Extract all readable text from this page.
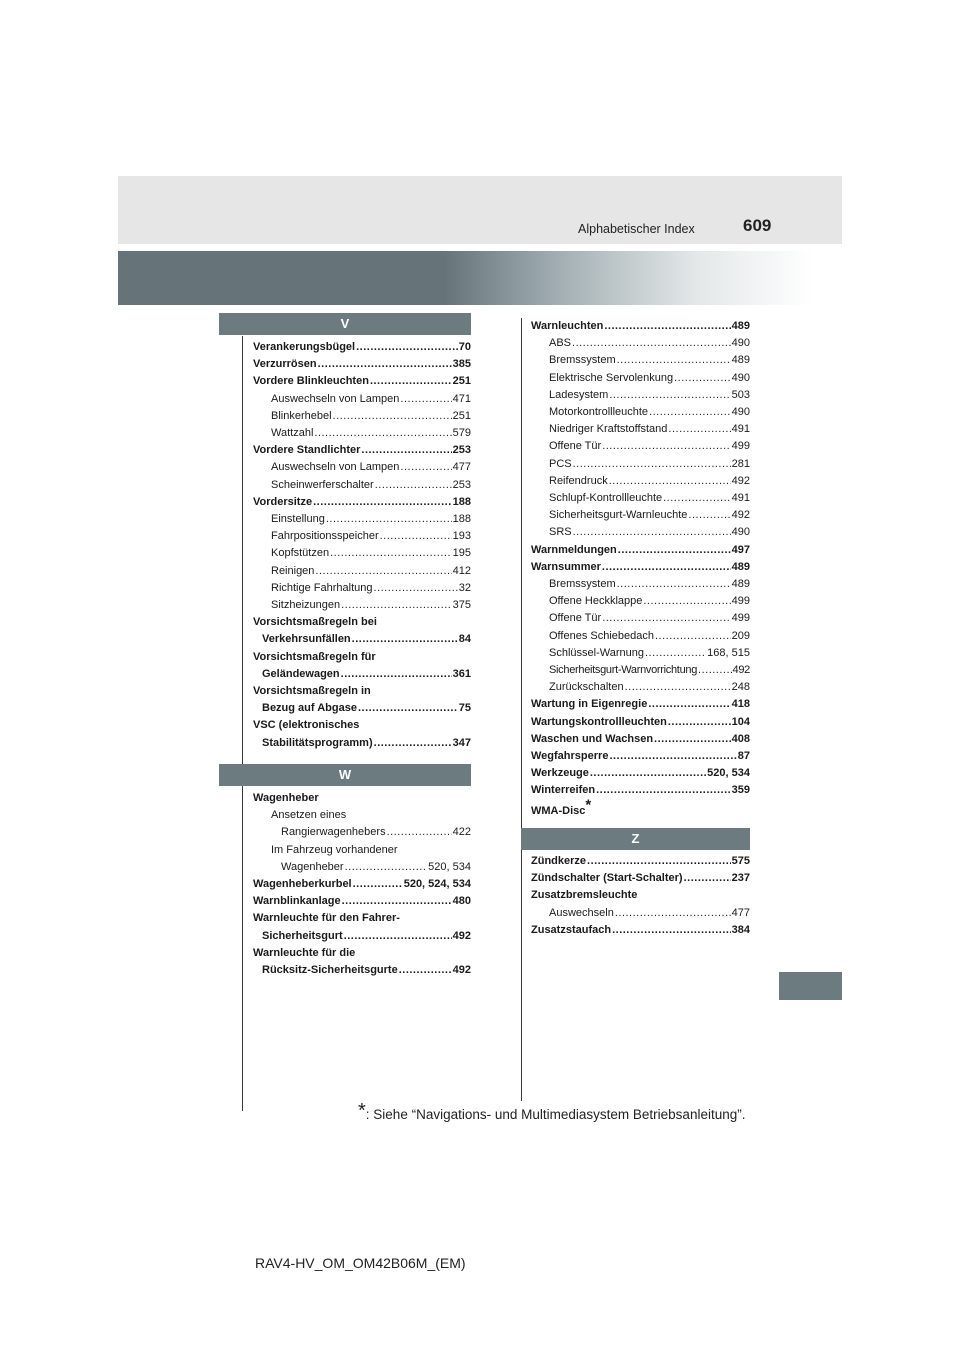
Alphabetischer Index	609
V
Verankerungsbügel .....	70
Verzurrösen .....	385
Vordere Blinkleuchten .....	251
Auswechseln von Lampen .....	471
Blinkerhebel .....	251
Wattzahl .....	579
Vordere Standlichter .....	253
Auswechseln von Lampen .....	477
Scheinwerferschalter .....	253
Vordersitze .....	188
Einstellung .....	188
Fahrpositionsspeicher .....	193
Kopfstützen .....	195
Reinigen .....	412
Richtige Fahrhaltung .....	32
Sitzheizungen .....	375
Vorsichtsmaßregeln bei
Verkehrsunfällen .....	84
Vorsichtsmaßregeln für
Geländewagen .....	361
Vorsichtsmaßregeln in
Bezug auf Abgase .....	75
VSC (elektronisches
Stabilitätsprogramm) .....	347
W
Wagenheber
Ansetzen eines
Rangierwagenhebers .....	422
Im Fahrzeug vorhandener
Wagenheber .....	520, 534
Wagenheberkurbel .....	520, 524, 534
Warnblinkanlage .....	480
Warnleuchte für den Fahrer-
Sicherheitsgurt .....	492
Warnleuchte für die
Rücksitz-Sicherheitsgurte .....	492
Warnleuchten .....	489
ABS .....	490
Bremssystem .....	489
Elektrische Servolenkung .....	490
Ladesystem .....	503
Motorkontrollleuchte .....	490
Niedriger Kraftstoffstand .....	491
Offene Tür .....	499
PCS .....	281
Reifendruck .....	492
Schlupf-Kontrollleuchte .....	491
Sicherheitsgurt-Warnleuchte .....	492
SRS .....	490
Warnmeldungen .....	497
Warnsummer .....	489
Bremssystem .....	489
Offene Heckklappe .....	499
Offene Tür .....	499
Offenes Schiebedach .....	209
Schlüssel-Warnung .....	168, 515
Sicherheitsgurt-Warnvorrichtung .....	492
Zurückschalten .....	248
Wartung in Eigenregie .....	418
Wartungskontrollleuchten .....	104
Waschen und Wachsen .....	408
Wegfahrsperre .....	87
Werkzeuge .....	520, 534
Winterreifen .....	359
WMA-Disc*
Z
Zündkerze .....	575
Zündschalter (Start-Schalter) .....	237
Zusatzbremsleuchte
Auswechseln .....	477
Zusatzstaufach .....	384
*: Siehe “Navigations- und Multimediasystem Betriebsanleitung”.
RAV4-HV_OM_OM42B06M_(EM)
